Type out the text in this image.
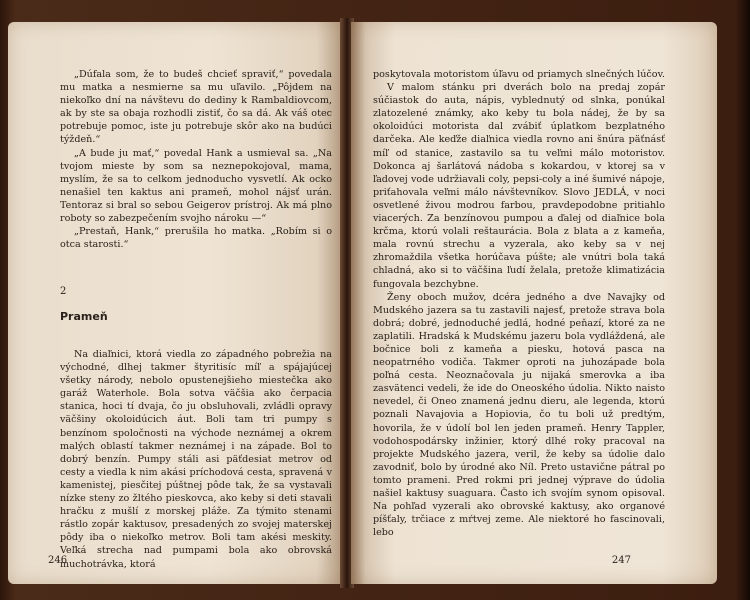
„Dúfala som, že to budeš chcieť spraviť,“ povedala mu matka a nesmierne sa mu uľavilo. „Pôjdem na niekoľko dní na návštevu do dediny k Rambaldiovcom, ak by ste sa obaja rozhodli zistiť, čo sa dá. Ak váš otec potrebuje pomoc, iste ju potrebuje skôr ako na budúci týždeň.“

„A bude ju mať,“ povedal Hank a usmieval sa. „Na tvojom mieste by som sa neznepokojoval, mama, myslím, že sa to celkom jednoducho vysvetlí. Ak ocko nenašiel ten kaktus ani prameň, mohol nájsť urán. Tentoraz si bral so sebou Geigerov prístroj. Ak má plno roboty so zabezpečením svojho nároku —“

„Prestaň, Hank,“ prerušila ho matka. „Robím si o otca starosti.“

2
Prameň

Na diaľnici, ktorá viedla zo západného pobrežia na východné, dlhej takmer štyritisíc míľ a spájajúcej všetky národy, nebolo opustenejšieho miestečka ako garáž Waterhole. Bola sotva väčšia ako čerpacia stanica, hoci tí dvaja, čo ju obsluhovali, zvládli opravy väčšiny okoloidúcich áut. Boli tam tri pumpy s benzínom spoločnosti na východe neznámej a okrem malých oblastí takmer neznámej i na západe. Bol to dobrý benzín. Pumpy stáli asi päťdesiat metrov od cesty a viedla k nim akási príchodová cesta, spravená v kamenistej, piesčitej púštnej pôde tak, že sa vystavali nízke steny zo žltého pieskovca, ako keby si deti stavali hračku z mušlí z morskej pláže. Za týmito stenami rástlo zopár kaktusov, presadených zo svojej materskej pôdy iba o niekoľko metrov. Boli tam akési meskity. Veľká strecha nad pumpami bola ako obrovská muchotrávka, ktorá

246

poskytovala motoristom úľavu od priamych slnečných lúčov.

V malom stánku pri dverách bolo na predaj zopár súčiastok do auta, nápis, vyblednutý od slnka, ponúkal zlatozelené známky, ako keby tu bola nádej, že by sa okoloidúci motorista dal zvábiť úplatkom bezplatného darčeka. Ale keďže diaľnica viedla rovno ani šnúra päťnásť míľ od stanice, zastavilo sa tu veľmi málo motoristov. Dokonca aj šarlátová nádoba s kokardou, v ktorej sa v ľadovej vode udržiavali coly, pepsi-coly a iné šumivé nápoje, priťahovala veľmi málo návštevníkov. Slovo JEDLÁ, v noci osvetlené živou modrou farbou, pravdepodobne pritiahlo viacerých. Za benzínovou pumpou a ďalej od diaľnice bola krčma, ktorú volali reštaurácia. Bola z blata a z kameňa, mala rovnú strechu a vyzerala, ako keby sa v nej zhromaždila všetka horúčava púšte; ale vnútri bola taká chladná, ako si to väčšina ľudí želala, pretože klimatizácia fungovala bezchybne.

Ženy oboch mužov, dcéra jedného a dve Navajky od Mudského jazera sa tu zastavili najesť, pretože strava bola dobrá; dobré, jednoduché jedlá, hodné peňazí, ktoré za ne zaplatili. Hradská k Mudskému jazeru bola vydláždená, ale bočnice boli z kameňa a piesku, hotová pasca na neopatrného vodiča. Takmer oproti na juhozápade bola poľná cesta. Neoznačovala ju nijaká smerovka a iba zasvätenci vedeli, že ide do Oneoského údolia. Nikto naisto nevedel, či Oneo znamená jednu dieru, ale legenda, ktorú poznali Navajovia a Hopiovia, čo tu boli už predtým, hovorila, že v údolí bol len jeden prameň. Henry Tappler, vodohospodársky inžinier, ktorý dlhé roky pracoval na projekte Mudského jazera, veril, že keby sa údolie dalo zavodniť, bolo by úrodné ako Níl. Preto ustavične pátral po tomto prameni. Pred rokmi pri jednej výprave do údolia našiel kaktusy suaguara. Často ich svojím synom opisoval. Na pohľad vyzerali ako obrovské kaktusy, ako organové píšťaly, trčiace z mŕtvej zeme. Ale niektoré ho fascinovali, lebo

247
